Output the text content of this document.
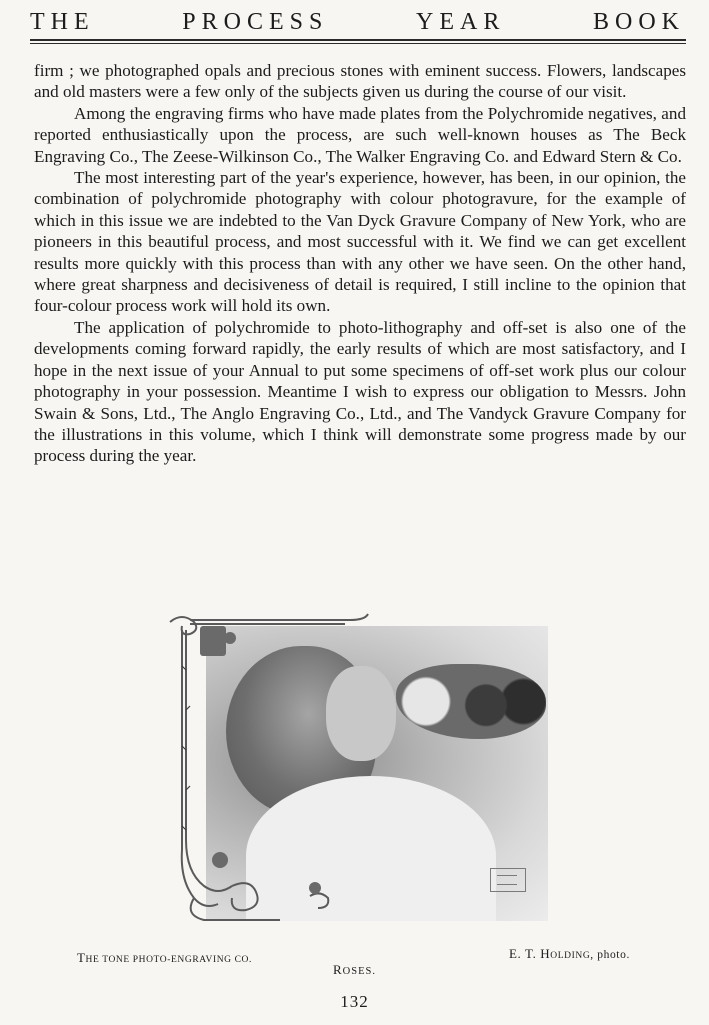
THE	PROCESS	YEAR	BOOK

firm ; we photographed opals and precious stones with eminent success. Flowers, landscapes and old masters were a few only of the subjects given us during the course of our visit.

Among the engraving firms who have made plates from the Polychromide negatives, and reported enthusiastically upon the process, are such well-known houses as The Beck Engraving Co., The Zeese-Wilkinson Co., The Walker Engraving Co. and Edward Stern & Co.

The most interesting part of the year's experience, however, has been, in our opinion, the combination of polychromide photography with colour photogravure, for the example of which in this issue we are indebted to the Van Dyck Gravure Company of New York, who are pioneers in this beautiful process, and most successful with it. We find we can get excellent results more quickly with this process than with any other we have seen. On the other hand, where great sharpness and decisiveness of detail is required, I still incline to the opinion that four-colour process work will hold its own.

The application of polychromide to photo-lithography and off-set is also one of the developments coming forward rapidly, the early results of which are most satisfactory, and I hope in the next issue of your Annual to put some specimens of off-set work plus our colour photography in your possession. Meantime I wish to express our obligation to Messrs. John Swain & Sons, Ltd., The Anglo Engraving Co., Ltd., and The Vandyck Gravure Company for the illustrations in this volume, which I think will demonstrate some progress made by our process during the year.

THE TONE PHOTO-ENGRAVING CO.	E. T. HOLDING, photo.
ROSES.
132
